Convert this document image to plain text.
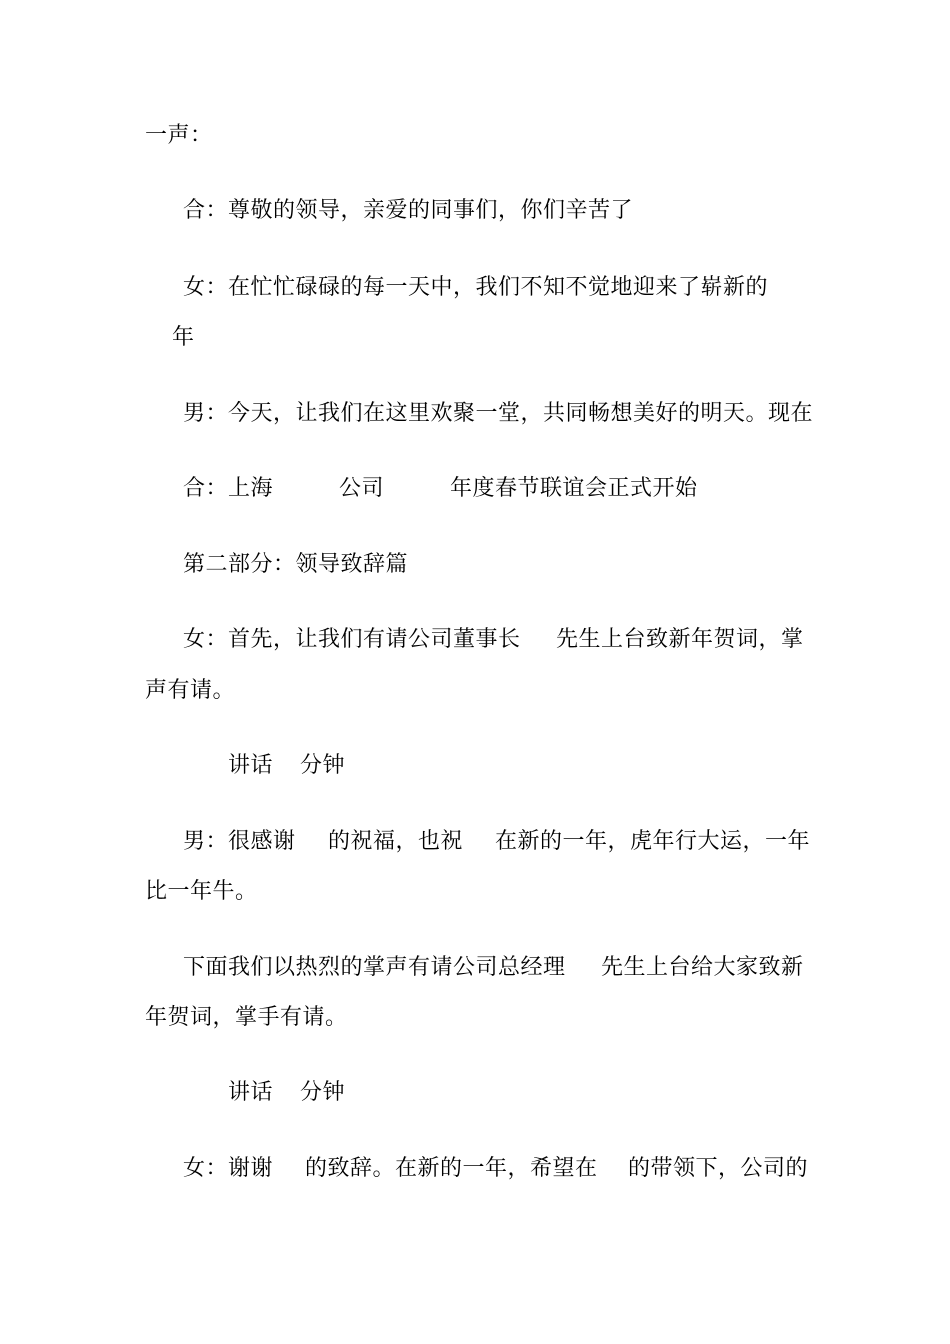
一声：

合：尊敬的领导，亲爱的同事们，你们辛苦了

女：在忙忙碌碌的每一天中，我们不知不觉地迎来了崭新的

年

男：今天，让我们在这里欢聚一堂，共同畅想美好的明天。现在

合：上海	公司	年度春节联谊会正式开始

第二部分：领导致辞篇

女：首先，让我们有请公司董事长 先生上台致新年贺词，掌

声有请。

讲话 分钟

男：很感谢 的祝福，也祝 在新的一年，虎年行大运，一年

比一年牛。

下面我们以热烈的掌声有请公司总经理 先生上台给大家致新

年贺词，掌手有请。

讲话 分钟

女：谢谢 的致辞。在新的一年，希望在 的带领下，公司的
